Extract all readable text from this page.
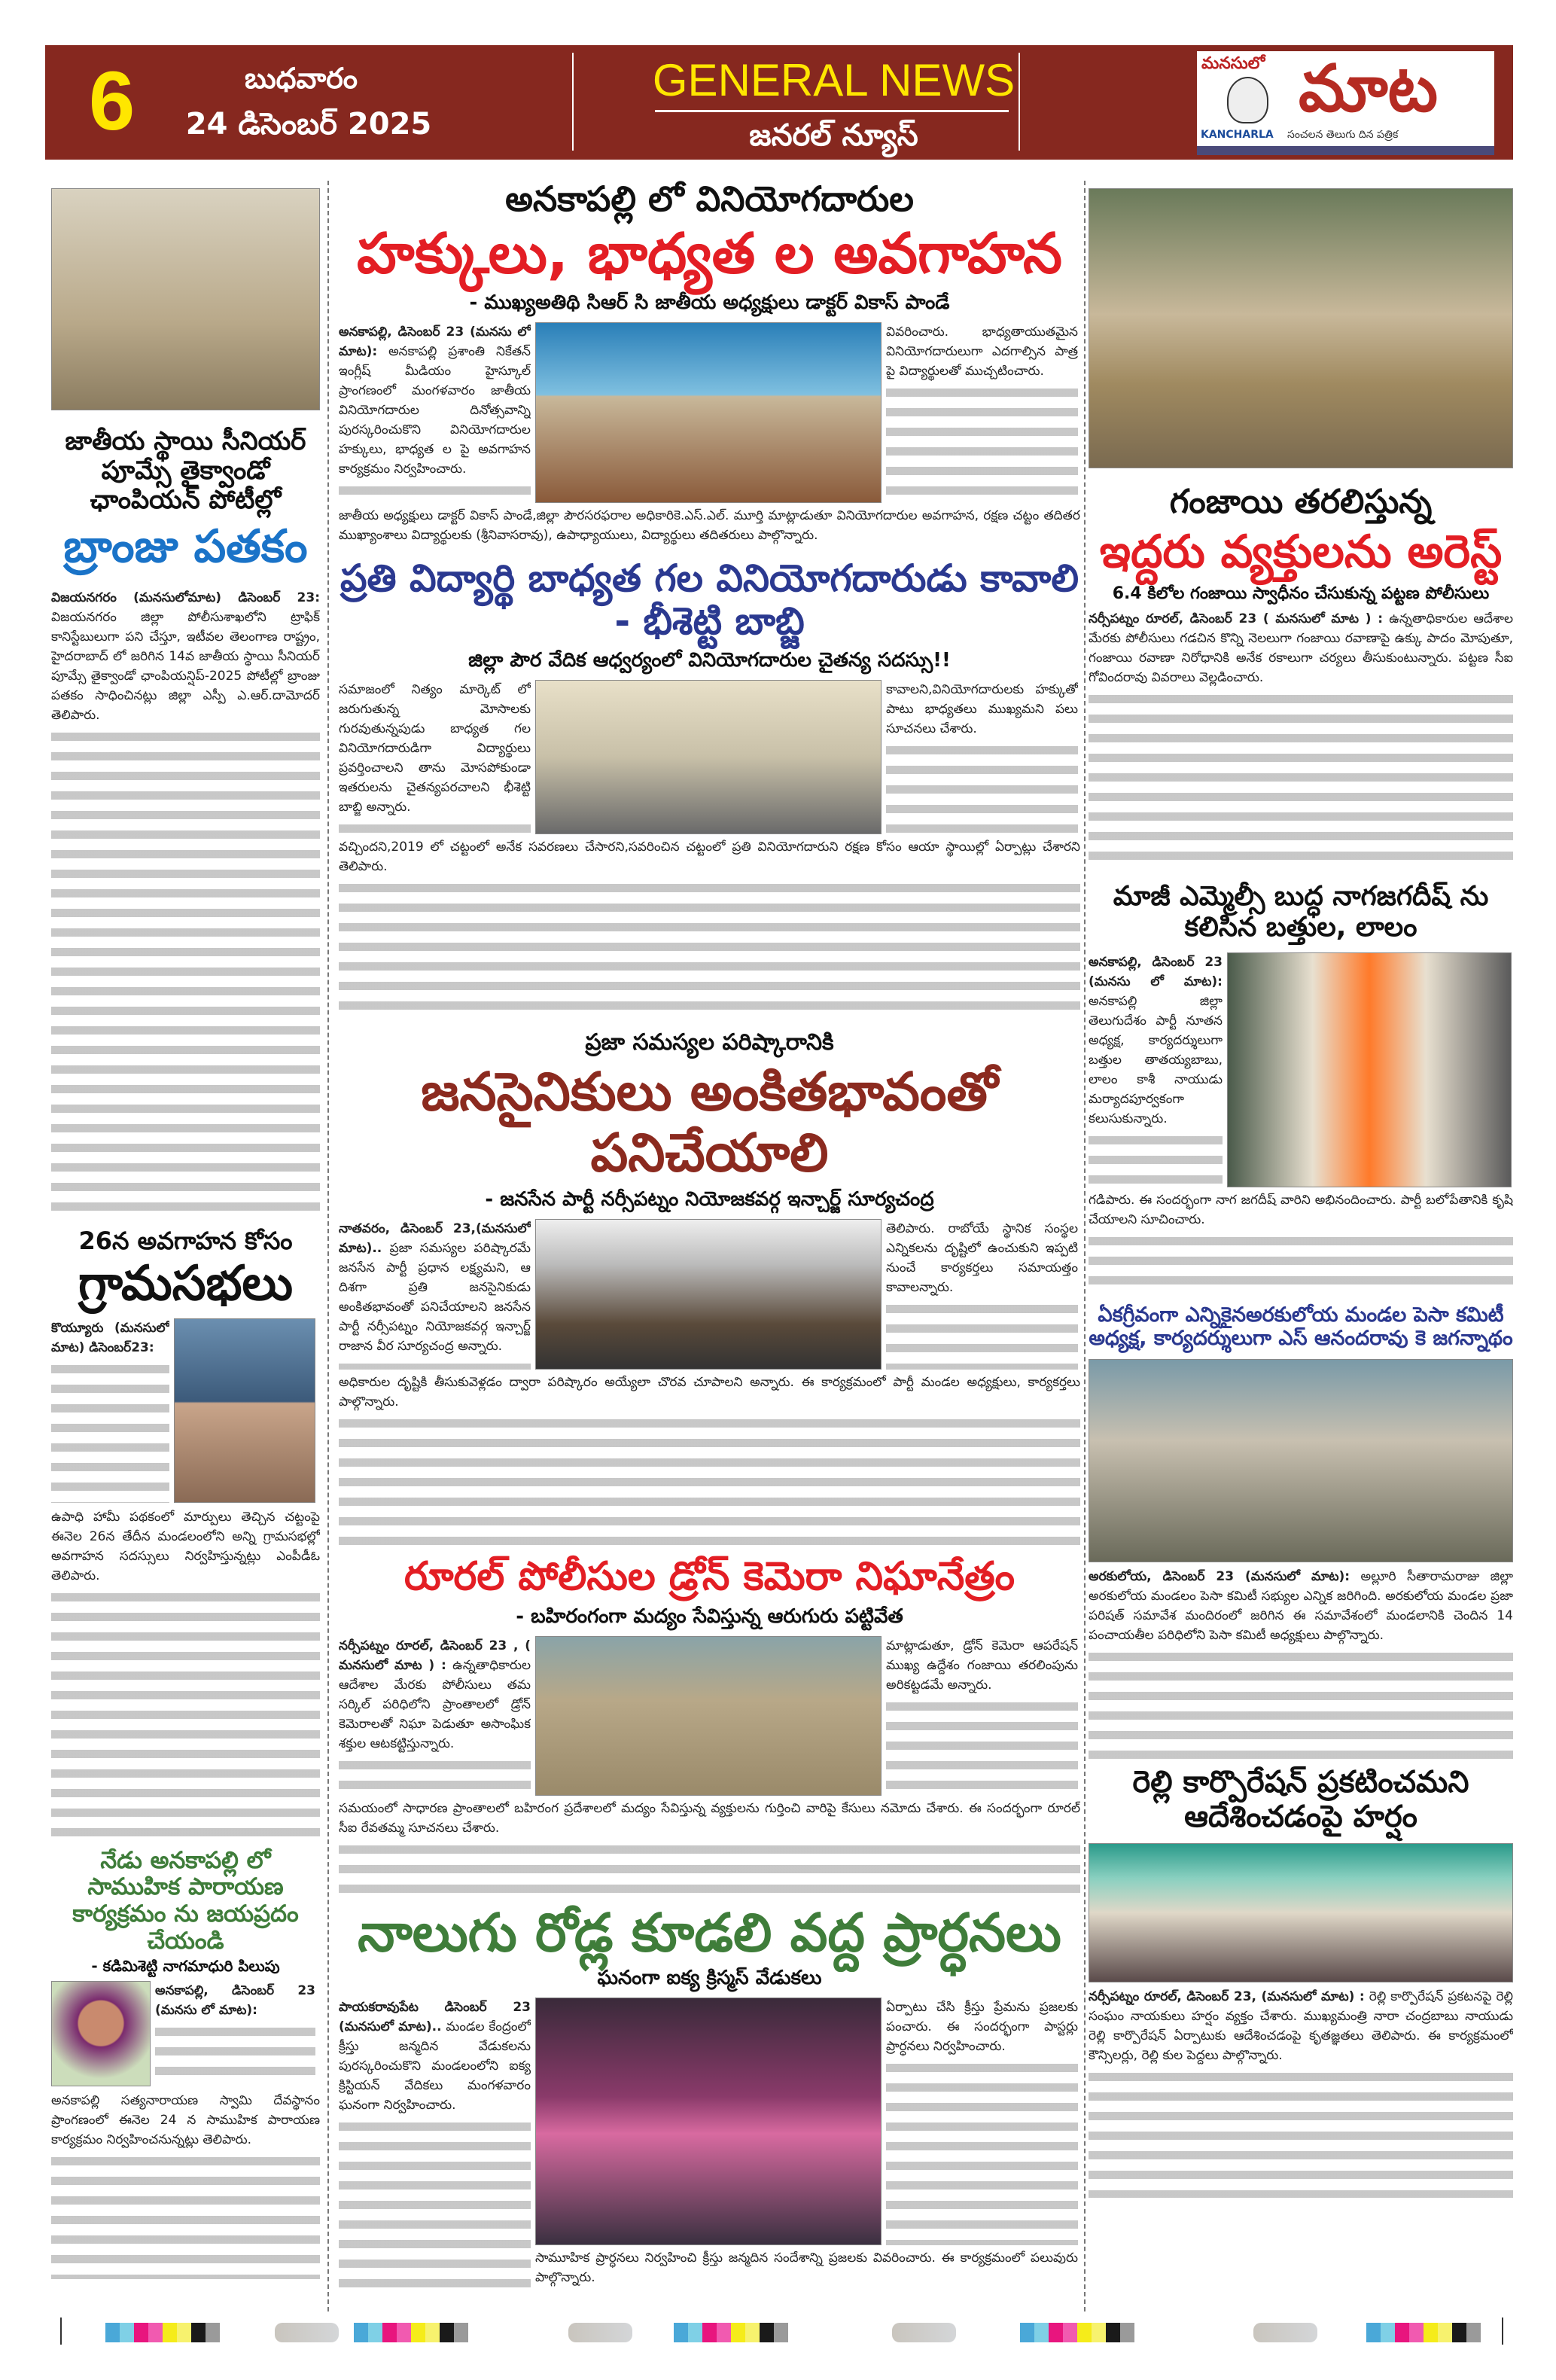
6	బుధవారం
24 డిసెంబర్ 2025
GENERAL NEWS
జనరల్ న్యూస్
మనసులో మాట
KANCHARLA	సంచలన తెలుగు దిన పత్రిక
జాతీయ స్థాయి సీనియర్ పూమ్సే తైక్వాండో ఛాంపియన్ పోటీల్లో
బ్రాంజు పతకం

విజయనగరం (మనసులోమాట) డిసెంబర్ 23: విజయనగరం జిల్లా పోలీసుశాఖలోని ట్రాఫిక్ కానిస్టేబులుగా పని చేస్తూ, ఇటీవల తెలంగాణ రాష్ట్రం, హైదరాబాద్ లో జరిగిన 14వ జాతీయ స్థాయి సీనియర్ పూమ్సే తైక్వాండో ఛాంపియన్షిప్-2025 పోటీల్లో బ్రాంజు పతకం సాధించినట్లు జిల్లా ఎస్పీ ఎ.ఆర్.దామోదర్ తెలిపారు.

26న అవగాహన కోసం
గ్రామసభలు

కొయ్యూరు (మనసులో మాట) డిసెంబర్23:

ఉపాధి హామీ పథకంలో మార్పులు తెచ్చిన చట్టంపై ఈనెల 26న తేదీన మండలంలోని అన్ని గ్రామసభల్లో అవగాహన సదస్సులు నిర్వహిస్తున్నట్లు ఎంపీడీఓ తెలిపారు.

నేడు అనకాపల్లి లో సాముహిక పారాయణ కార్యక్రమం ను జయప్రదం చేయండి
- కడిమిశెట్టి నాగమాధురి పిలుపు

అనకాపల్లి, డిసెంబర్ 23 (మనసు లో మాట):

అనకాపల్లి సత్యనారాయణ స్వామి దేవస్థానం ప్రాంగణంలో ఈనెల 24 న సాముహిక పారాయణ కార్యక్రమం నిర్వహించనున్నట్లు తెలిపారు.

అనకాపల్లి లో వినియోగదారుల
హక్కులు, భాధ్యత ల అవగాహన
- ముఖ్యఅతిథి సిఆర్ సి జాతీయ అధ్యక్షులు డాక్టర్ వికాస్ పాండే

అనకాపల్లి, డిసెంబర్ 23 (మనసు లో మాట): అనకాపల్లి ప్రశాంతి నికేతన్ ఇంగ్లీష్ మీడియం హైస్కూల్ ప్రాంగణంలో మంగళవారం జాతీయ వినియోగదారుల దినోత్సవాన్ని పురస్కరించుకొని వినియోగదారుల హక్కులు, భాధ్యత ల పై అవగాహన కార్యక్రమం నిర్వహించారు.

వివరించారు. భాధ్యతాయుతమైన వినియోగదారులుగా ఎదగాల్సిన పాత్ర పై విద్యార్థులతో ముచ్చటించారు.

జాతీయ అధ్యక్షులు డాక్టర్ వికాస్ పాండే,జిల్లా పౌరసరఫరాల అధికారికె.ఎస్.ఎల్. మూర్తి మాట్లాడుతూ వినియోగదారుల అవగాహన, రక్షణ చట్టం తదితర ముఖ్యాంశాలు విద్యార్థులకు (శ్రీనివాసరావు), ఉపాధ్యాయులు, విద్యార్థులు తదితరులు పాల్గొన్నారు.

ప్రతి విద్యార్థి బాధ్యత గల వినియోగదారుడు కావాలి - భీశెట్టి బాబ్జి
జిల్లా పౌర వేదిక ఆధ్వర్యంలో వినియోగదారుల చైతన్య సదస్సు!!

సమాజంలో నిత్యం మార్కెట్ లో జరుగుతున్న మోసాలకు గురవుతున్నపుడు బాధ్యత గల వినియోగదారుడిగా విద్యార్థులు ప్రవర్తించాలని తాను మోసపోకుండా ఇతరులను చైతన్యపరచాలని భీశెట్టి బాబ్జి అన్నారు.

కావాలని,వినియోగదారులకు హక్కుతో పాటు భాధ్యతలు ముఖ్యమని పలు సూచనలు చేశారు.

వచ్చిందని,2019 లో చట్టంలో అనేక సవరణలు చేసారని,సవరించిన చట్టంలో ప్రతి వినియోగదారుని రక్షణ కోసం ఆయా స్థాయిల్లో ఏర్పాట్లు చేశారని తెలిపారు.

ప్రజా సమస్యల పరిష్కారానికి
జనసైనికులు అంకితభావంతో పనిచేయాలి
- జనసేన పార్టీ నర్సీపట్నం నియోజకవర్గ ఇన్చార్జ్ సూర్యచంద్ర

నాతవరం, డిసెంబర్ 23,(మనసులో మాట).. ప్రజా సమస్యల పరిష్కారమే జనసేన పార్టీ ప్రధాన లక్ష్యమని, ఆ దిశగా ప్రతి జనసైనికుడు అంకితభావంతో పనిచేయాలని జనసేన పార్టీ నర్సీపట్నం నియోజకవర్గ ఇన్చార్జ్ రాజాన వీర సూర్యచంద్ర అన్నారు.

తెలిపారు. రాబోయే స్థానిక సంస్థల ఎన్నికలను దృష్టిలో ఉంచుకుని ఇప్పటి నుంచే కార్యకర్తలు సమాయత్తం కావాలన్నారు.

అధికారుల దృష్టికి తీసుకువెళ్లడం ద్వారా పరిష్కారం అయ్యేలా చొరవ చూపాలని అన్నారు. ఈ కార్యక్రమంలో పార్టీ మండల అధ్యక్షులు, కార్యకర్తలు పాల్గొన్నారు.

రూరల్ పోలీసుల డ్రోన్ కెమెరా నిఘానేత్రం
- బహిరంగంగా మద్యం సేవిస్తున్న ఆరుగురు పట్టివేత

నర్సీపట్నం రూరల్, డిసెంబర్ 23 , ( మనసులో మాట ) : ఉన్నతాధికారుల ఆదేశాల మేరకు పోలీసులు తమ సర్కిల్ పరిధిలోని ప్రాంతాలలో డ్రోన్ కెమెరాలతో నిఘా పెడుతూ అసాంఘిక శక్తుల ఆటకట్టిస్తున్నారు.

మాట్లాడుతూ, డ్రోన్ కెమెరా ఆపరేషన్ ముఖ్య ఉద్దేశం గంజాయి తరలింపును అరికట్టడమే అన్నారు.

సమయంలో సాధారణ ప్రాంతాలలో బహిరంగ ప్రదేశాలలో మద్యం సేవిస్తున్న వ్యక్తులను గుర్తించి వారిపై కేసులు నమోదు చేశారు. ఈ సందర్భంగా రూరల్ సీఐ రేవతమ్మ సూచనలు చేశారు.

నాలుగు రోడ్ల కూడలి వద్ద ప్రార్ధనలు
ఘనంగా ఐక్య క్రిస్మస్ వేడుకలు

పాయకరావుపేట డిసెంబర్ 23 (మనసులో మాట).. మండల కేంద్రంలో క్రీస్తు జన్మదిన వేడుకలను పురస్కరించుకొని మండలంలోని ఐక్య క్రిస్టియన్ వేదికలు మంగళవారం ఘనంగా నిర్వహించారు.

ఏర్పాటు చేసి క్రీస్తు ప్రేమను ప్రజలకు పంచారు. ఈ సందర్భంగా పాస్టర్లు ప్రార్ధనలు నిర్వహించారు.

సామూహిక ప్రార్ధనలు నిర్వహించి క్రీస్తు జన్మదిన సందేశాన్ని ప్రజలకు వివరించారు. ఈ కార్యక్రమంలో పలువురు పాల్గొన్నారు.

గంజాయి తరలిస్తున్న
ఇద్దరు వ్యక్తులను అరెస్ట్
6.4 కిలోల గంజాయి స్వాధీనం చేసుకున్న పట్టణ పోలీసులు

నర్సీపట్నం రూరల్, డిసెంబర్ 23 ( మనసులో మాట ) : ఉన్నతాధికారుల ఆదేశాల మేరకు పోలీసులు గడచిన కొన్ని నెలలుగా గంజాయి రవాణాపై ఉక్కు పాదం మోపుతూ, గంజాయి రవాణా నిరోధానికి అనేక రకాలుగా చర్యలు తీసుకుంటున్నారు. పట్టణ సీఐ గోవిందరావు వివరాలు వెల్లడించారు.

మాజీ ఎమ్మెల్సీ బుద్ధ నాగజగదీష్ ను కలిసిన బత్తుల, లాలం

అనకాపల్లి, డిసెంబర్ 23 (మనసు లో మాట): అనకాపల్లి జిల్లా తెలుగుదేశం పార్టీ నూతన అధ్యక్ష, కార్యదర్శులుగా బత్తుల తాతయ్యబాబు, లాలం కాశీ నాయుడు మర్యాదపూర్వకంగా కలుసుకున్నారు.

గడిపారు. ఈ సందర్భంగా నాగ జగదీష్ వారిని అభినందించారు. పార్టీ బలోపేతానికి కృషి చేయాలని సూచించారు.

ఏకగ్రీవంగా ఎన్నికైనఅరకులోయ మండల పెసా కమిటీ అధ్యక్ష, కార్యదర్శులుగా ఎస్ ఆనందరావు కె జగన్నాథం

అరకులోయ, డిసెంబర్ 23 (మనసులో మాట): అల్లూరి సీతారామరాజు జిల్లా అరకులోయ మండలం పెసా కమిటీ సభ్యుల ఎన్నిక జరిగింది. అరకులోయ మండల ప్రజా పరిషత్ సమావేశ మందిరంలో జరిగిన ఈ సమావేశంలో మండలానికి చెందిన 14 పంచాయతీల పరిధిలోని పెసా కమిటీ అధ్యక్షులు పాల్గొన్నారు.

రెల్లి కార్పొరేషన్ ప్రకటించమని ఆదేశించడంపై హర్షం

నర్సీపట్నం రూరల్, డిసెంబర్ 23, (మనసులో మాట) : రెల్లి కార్పొరేషన్ ప్రకటనపై రెల్లి సంఘం నాయకులు హర్షం వ్యక్తం చేశారు. ముఖ్యమంత్రి నారా చంద్రబాబు నాయుడు రెల్లి కార్పొరేషన్ ఏర్పాటుకు ఆదేశించడంపై కృతజ్ఞతలు తెలిపారు. ఈ కార్యక్రమంలో కౌన్సిలర్లు, రెల్లి కుల పెద్దలు పాల్గొన్నారు.
